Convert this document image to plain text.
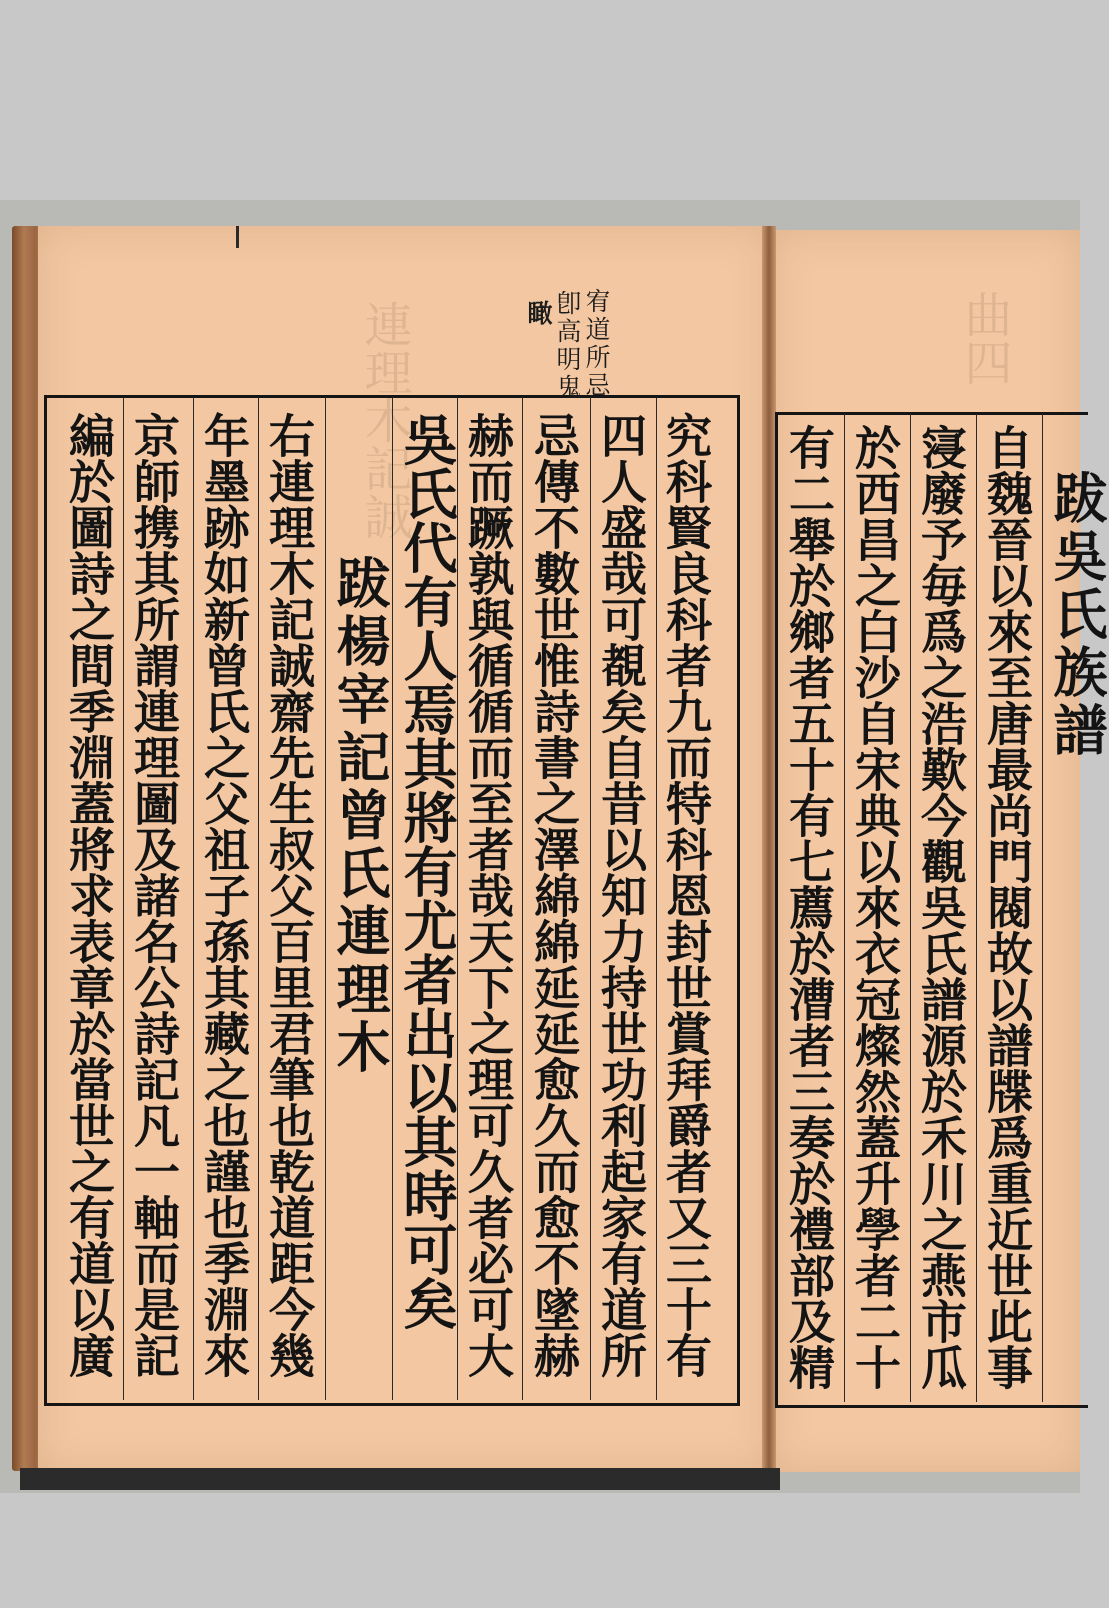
連理木記誠	曲四
宥道所忌
卽高明鬼
瞰
究科賢良科者九而特科恩封世賞拜爵者又三十有
四人盛哉可覩矣自昔以知力持世功利起家有道所
忌傳不數世惟詩書之澤綿綿延延愈久而愈不墜赫
赫而蹶孰與循循而至者哉天下之理可久者必可大
吳氏代有人焉其將有尤者出以其時可矣
跋楊宰記曾氏連理木
右連理木記誠齋先生叔父百里君筆也乾道距今幾
年墨跡如新曾氏之父祖子孫其藏之也謹也季淵來
京師携其所謂連理圖及諸名公詩記凡一軸而是記
編於圖詩之間季淵蓋將求表章於當世之有道以廣	跋吳氏族譜
自魏晉以來至唐最尚門閥故以譜牒爲重近世此事
寖廢予毎爲之浩歎今觀吳氏譜源於禾川之燕市瓜
於西昌之白沙自宋典以來衣冠燦然蓋升學者二十
有二舉於鄉者五十有七薦於漕者三奏於禮部及精
